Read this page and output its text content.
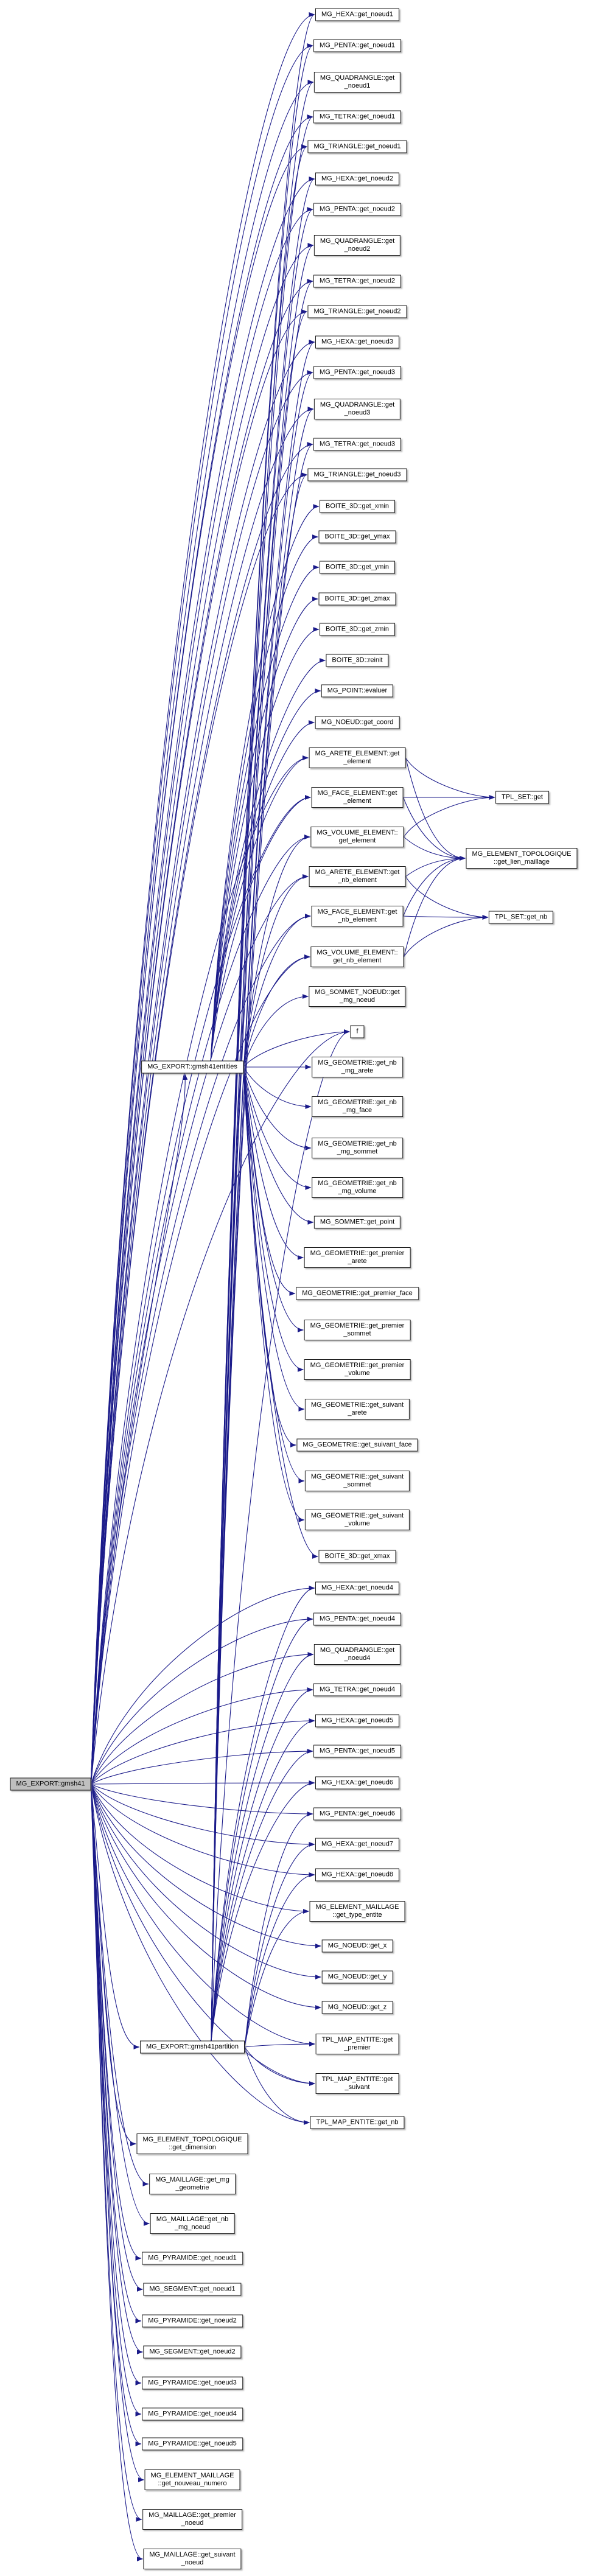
MG_EXPORT::gmsh41
MG_EXPORT::gmsh41entities
MG_EXPORT::gmsh41partition
MG_HEXA::get_noeud1
MG_PENTA::get_noeud1
MG_QUADRANGLE::get
_noeud1
MG_TETRA::get_noeud1
MG_TRIANGLE::get_noeud1
MG_HEXA::get_noeud2
MG_PENTA::get_noeud2
MG_QUADRANGLE::get
_noeud2
MG_TETRA::get_noeud2
MG_TRIANGLE::get_noeud2
MG_HEXA::get_noeud3
MG_PENTA::get_noeud3
MG_QUADRANGLE::get
_noeud3
MG_TETRA::get_noeud3
MG_TRIANGLE::get_noeud3
BOITE_3D::get_xmin
BOITE_3D::get_ymax
BOITE_3D::get_ymin
BOITE_3D::get_zmax
BOITE_3D::get_zmin
BOITE_3D::reinit
MG_POINT::evaluer
MG_NOEUD::get_coord
MG_ARETE_ELEMENT::get
_element
MG_FACE_ELEMENT::get
_element
MG_VOLUME_ELEMENT::
get_element
MG_ARETE_ELEMENT::get
_nb_element
MG_FACE_ELEMENT::get
_nb_element
MG_VOLUME_ELEMENT::
get_nb_element
MG_SOMMET_NOEUD::get
_mg_noeud
f
MG_GEOMETRIE::get_nb
_mg_arete
MG_GEOMETRIE::get_nb
_mg_face
MG_GEOMETRIE::get_nb
_mg_sommet
MG_GEOMETRIE::get_nb
_mg_volume
MG_SOMMET::get_point
MG_GEOMETRIE::get_premier
_arete
MG_GEOMETRIE::get_premier_face
MG_GEOMETRIE::get_premier
_sommet
MG_GEOMETRIE::get_premier
_volume
MG_GEOMETRIE::get_suivant
_arete
MG_GEOMETRIE::get_suivant_face
MG_GEOMETRIE::get_suivant
_sommet
MG_GEOMETRIE::get_suivant
_volume
BOITE_3D::get_xmax
MG_HEXA::get_noeud4
MG_PENTA::get_noeud4
MG_QUADRANGLE::get
_noeud4
MG_TETRA::get_noeud4
MG_HEXA::get_noeud5
MG_PENTA::get_noeud5
MG_HEXA::get_noeud6
MG_PENTA::get_noeud6
MG_HEXA::get_noeud7
MG_HEXA::get_noeud8
MG_ELEMENT_MAILLAGE
::get_type_entite
MG_NOEUD::get_x
MG_NOEUD::get_y
MG_NOEUD::get_z
TPL_MAP_ENTITE::get
_premier
TPL_MAP_ENTITE::get
_suivant
TPL_MAP_ENTITE::get_nb
TPL_SET::get
MG_ELEMENT_TOPOLOGIQUE
::get_lien_maillage
TPL_SET::get_nb
MG_ELEMENT_TOPOLOGIQUE
::get_dimension
MG_MAILLAGE::get_mg
_geometrie
MG_MAILLAGE::get_nb
_mg_noeud
MG_PYRAMIDE::get_noeud1
MG_SEGMENT::get_noeud1
MG_PYRAMIDE::get_noeud2
MG_SEGMENT::get_noeud2
MG_PYRAMIDE::get_noeud3
MG_PYRAMIDE::get_noeud4
MG_PYRAMIDE::get_noeud5
MG_ELEMENT_MAILLAGE
::get_nouveau_numero
MG_MAILLAGE::get_premier
_noeud
MG_MAILLAGE::get_suivant
_noeud
